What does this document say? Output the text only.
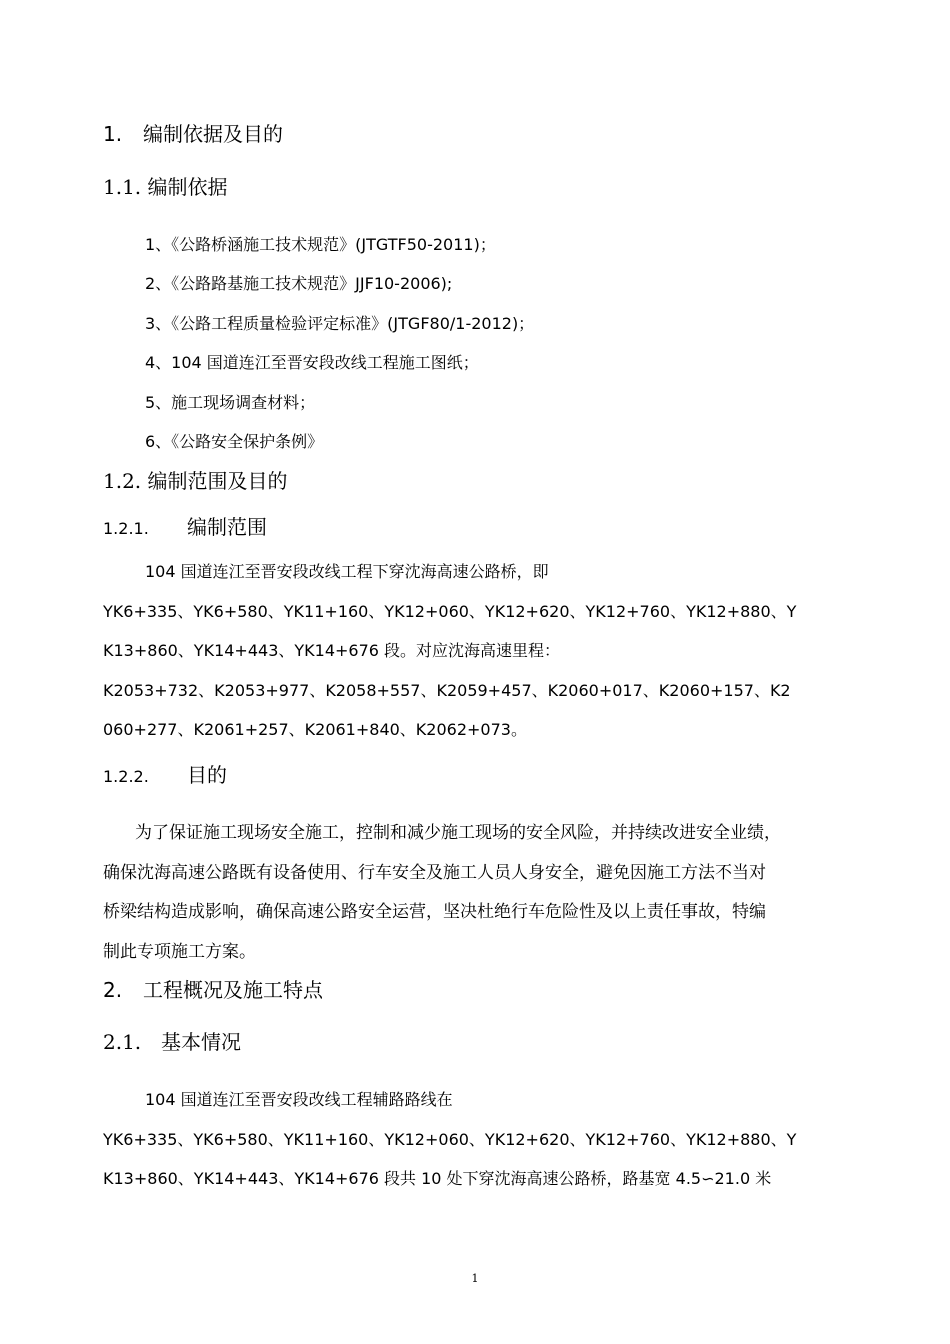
1. 编制依据及目的
1.1. 编制依据
1、《公路桥涵施工技术规范》(JTGTF50-2011)；
2、《公路路基施工技术规范》JJF10-2006);
3、《公路工程质量检验评定标准》(JTGF80/1-2012)；
4、104 国道连江至晋安段改线工程施工图纸；
5、施工现场调查材料；
6、《公路安全保护条例》
1.2. 编制范围及目的
1.2.1. 编制范围
104 国道连江至晋安段改线工程下穿沈海高速公路桥，即
YK6+335、YK6+580、YK11+160、YK12+060、YK12+620、YK12+760、YK12+880、Y
K13+860、YK14+443、YK14+676 段。对应沈海高速里程：
K2053+732、K2053+977、K2058+557、K2059+457、K2060+017、K2060+157、K2
060+277、K2061+257、K2061+840、K2062+073。
1.2.2. 目的
为了保证施工现场安全施工，控制和减少施工现场的安全风险，并持续改进安全业绩，
确保沈海高速公路既有设备使用、行车安全及施工人员人身安全，避免因施工方法不当对
桥梁结构造成影响，确保高速公路安全运营，坚决杜绝行车危险性及以上责任事故，特编
制此专项施工方案。
2. 工程概况及施工特点
2.1. 基本情况
104 国道连江至晋安段改线工程辅路路线在
YK6+335、YK6+580、YK11+160、YK12+060、YK12+620、YK12+760、YK12+880、Y
K13+860、YK14+443、YK14+676 段共 10 处下穿沈海高速公路桥，路基宽 4.5∽21.0 米
1
